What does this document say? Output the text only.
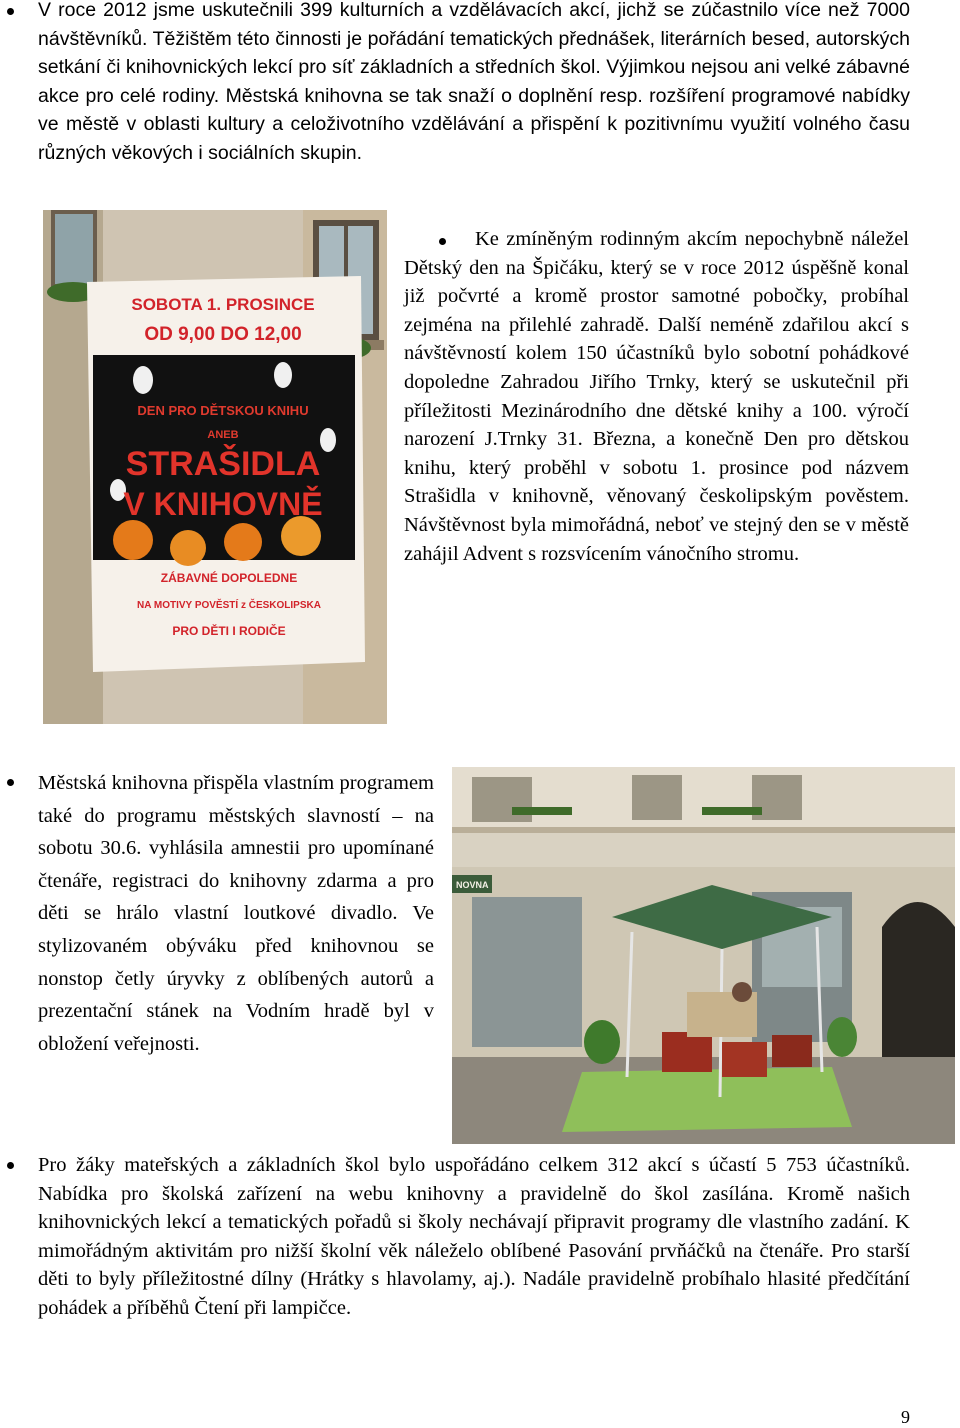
V roce 2012 jsme uskutečnili 399 kulturních a vzdělávacích akcí, jichž se zúčastnilo více než 7000 návštěvníků. Těžištěm této činnosti je pořádání tematických přednášek, literárních besed, autorských setkání či knihovnických lekcí pro síť základních a středních škol. Výjimkou nejsou ani velké zábavné akce pro celé rodiny. Městská knihovna se tak snaží o doplnění resp. rozšíření programové nabídky ve městě v oblasti kultury a celoživotního vzdělávání a přispění k pozitivnímu využití volného času různých věkových i sociálních skupin.

SOBOTA 1. PROSINCE
OD 9,00 DO 12,00
DEN PRO DĚTSKOU KNIHU
ANEB
STRAŠIDLA
V KNIHOVNĚ
ZÁBAVNÉ DOPOLEDNE
NA MOTIVY POVĚSTÍ z ČESKOLIPSKA
PRO DĚTI I RODIČE

Ke zmíněným rodinným akcím nepochybně náležel Dětský den na Špičáku, který se v roce 2012 úspěšně konal již počvrté a kromě prostor samotné pobočky, probíhal zejména na přilehlé zahradě. Další neméně zdařilou akcí s návštěvností kolem 150 účastníků bylo sobotní pohádkové dopoledne Zahradou Jiřího Trnky, který se uskutečnil při příležitosti Mezinárodního dne dětské knihy a 100. výročí narození J.Trnky 31. Března, a konečně Den pro dětskou knihu, který proběhl v sobotu 1. prosince pod názvem Strašidla v knihovně, věnovaný českolipským pověstem. Návštěvnost byla mimořádná, neboť ve stejný den se v městě zahájil Advent s rozsvícením vánočního stromu.

Městská knihovna přispěla vlastním programem také do programu městských slavností – na sobotu 30.6. vyhlásila amnestii pro upomínané čtenáře, registraci do knihovny zdarma a pro děti se hrálo vlastní loutkové divadlo. Ve stylizovaném obýváku před knihovnou se nonstop četly úryvky z oblíbených autorů a prezentační stánek na Vodním hradě byl v obložení veřejnosti.

NOVNA

Pro žáky mateřských a základních škol bylo uspořádáno celkem 312 akcí s účastí 5 753 účastníků. Nabídka pro školská zařízení na webu knihovny a pravidelně do škol zasílána. Kromě našich knihovnických lekcí a tematických pořadů si školy nechávají připravit programy dle vlastního zadání. K mimořádným aktivitám pro nižší školní věk náleželo oblíbené Pasování prvňáčků na čtenáře. Pro starší děti to byly příležitostné dílny (Hrátky s hlavolamy, aj.). Nadále pravidelně probíhalo hlasité předčítání pohádek a příběhů Čtení při lampičce.

9
